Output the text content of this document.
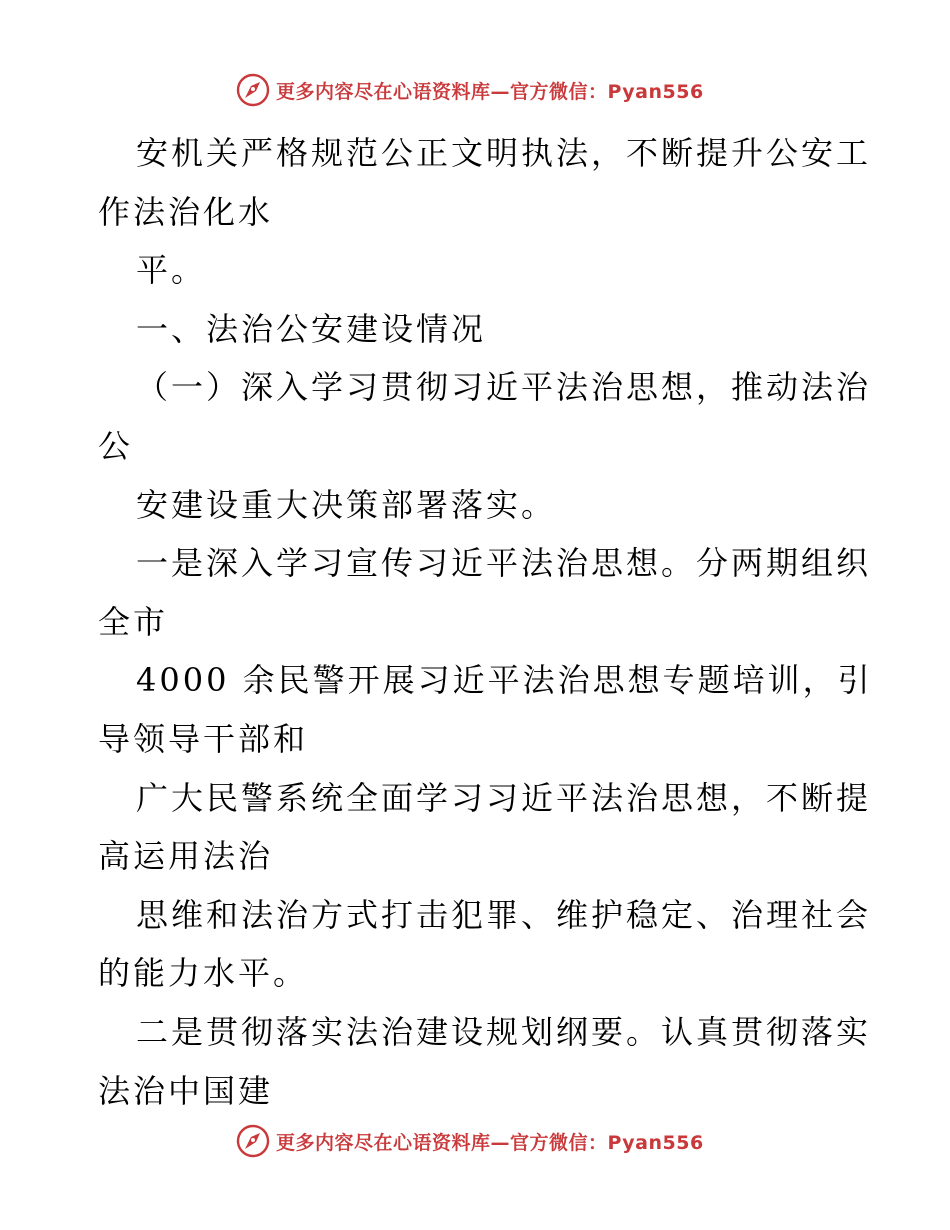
更多内容尽在心语资料库—官方微信：Pyan556
安机关严格规范公正文明执法，不断提升公安工
作法治化水
平。
一、法治公安建设情况
（一）深入学习贯彻习近平法治思想，推动法治
公
安建设重大决策部署落实。
一是深入学习宣传习近平法治思想。分两期组织
全市
4000 余民警开展习近平法治思想专题培训，引
导领导干部和
广大民警系统全面学习习近平法治思想，不断提
高运用法治
思维和法治方式打击犯罪、维护稳定、治理社会
的能力水平。
二是贯彻落实法治建设规划纲要。认真贯彻落实
法治中国建
更多内容尽在心语资料库—官方微信：Pyan556
